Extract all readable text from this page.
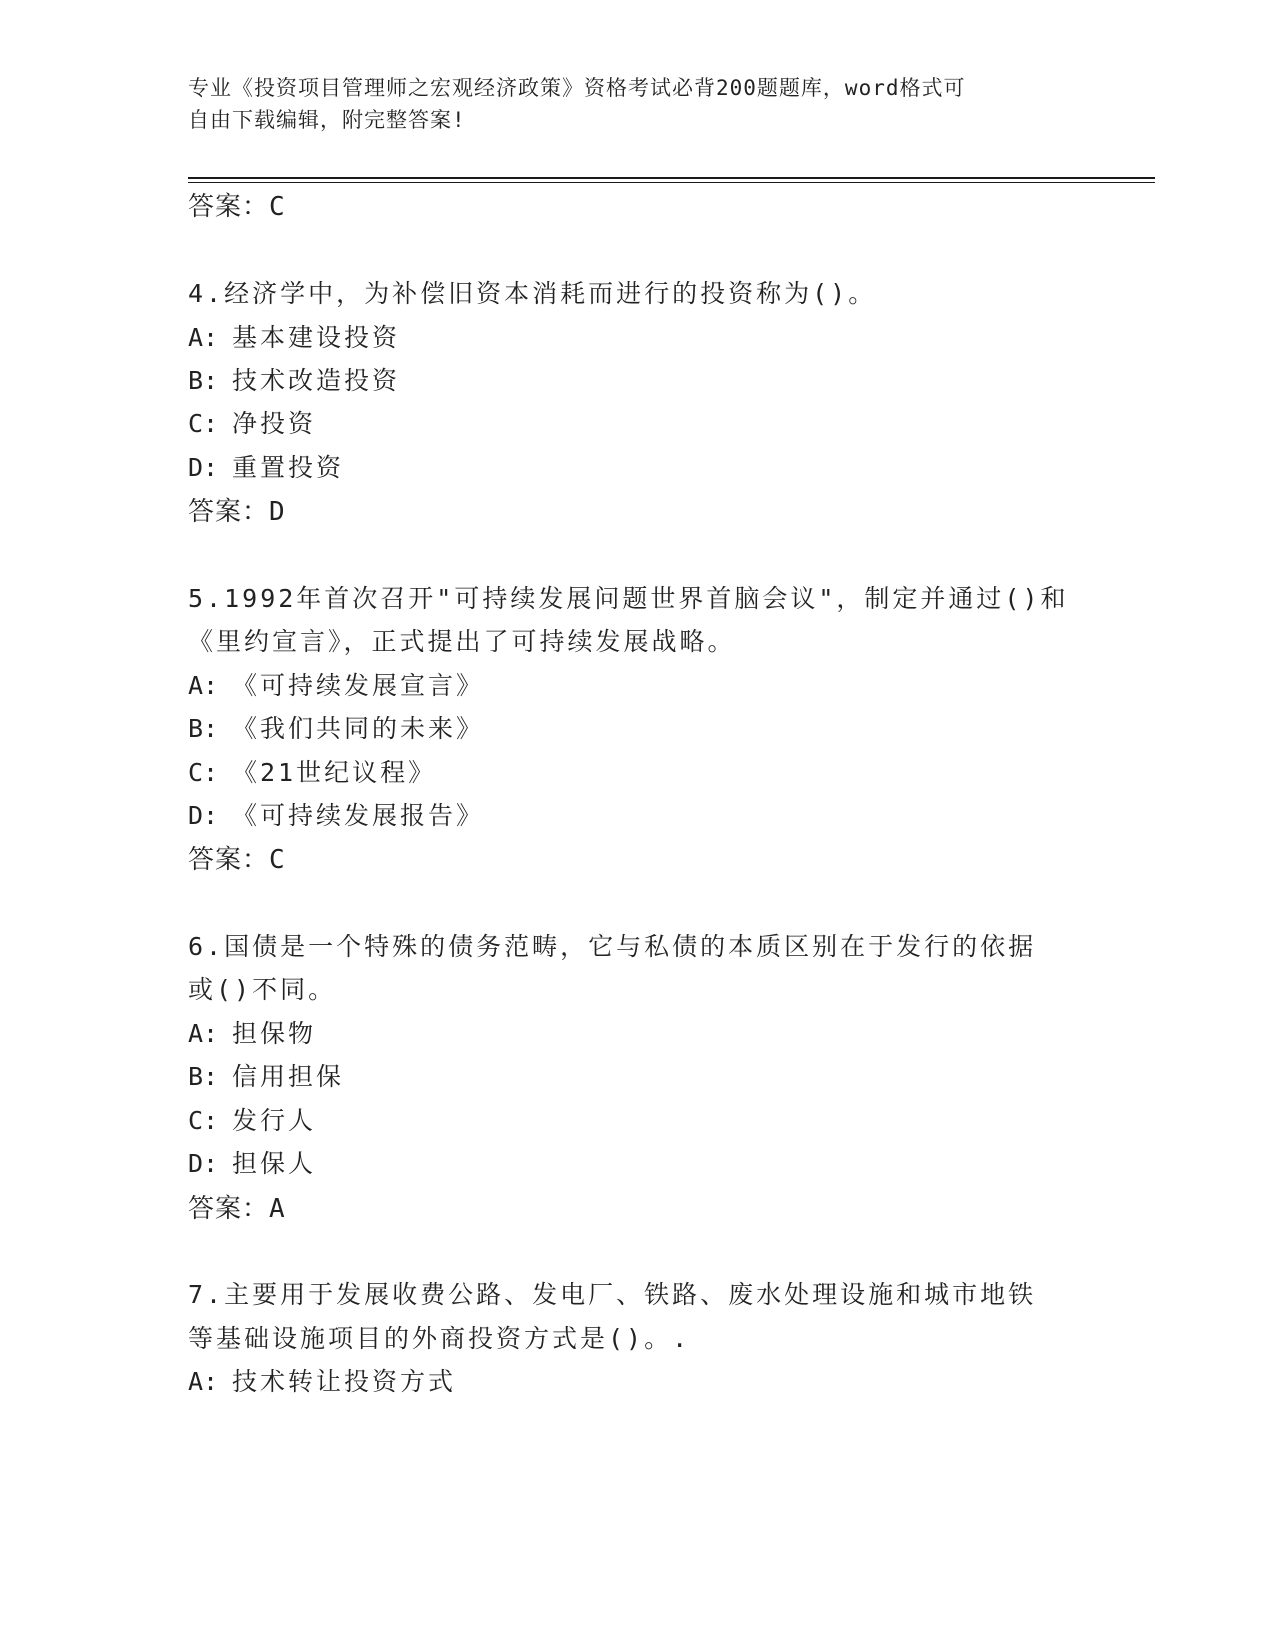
专业《投资项目管理师之宏观经济政策》资格考试必背200题题库，word格式可
自由下载编辑，附完整答案!
答案：C
4.经济学中，为补偿旧资本消耗而进行的投资称为()。
A: 基本建设投资
B: 技术改造投资
C: 净投资
D: 重置投资
答案：D
5.1992年首次召开"可持续发展问题世界首脑会议"，制定并通过()和
《里约宣言》，正式提出了可持续发展战略。
A: 《可持续发展宣言》
B: 《我们共同的未来》
C: 《21世纪议程》
D: 《可持续发展报告》
答案：C
6.国债是一个特殊的债务范畴，它与私债的本质区别在于发行的依据
或()不同。
A: 担保物
B: 信用担保
C: 发行人
D: 担保人
答案：A
7.主要用于发展收费公路、发电厂、铁路、废水处理设施和城市地铁
等基础设施项目的外商投资方式是()。.
A: 技术转让投资方式
